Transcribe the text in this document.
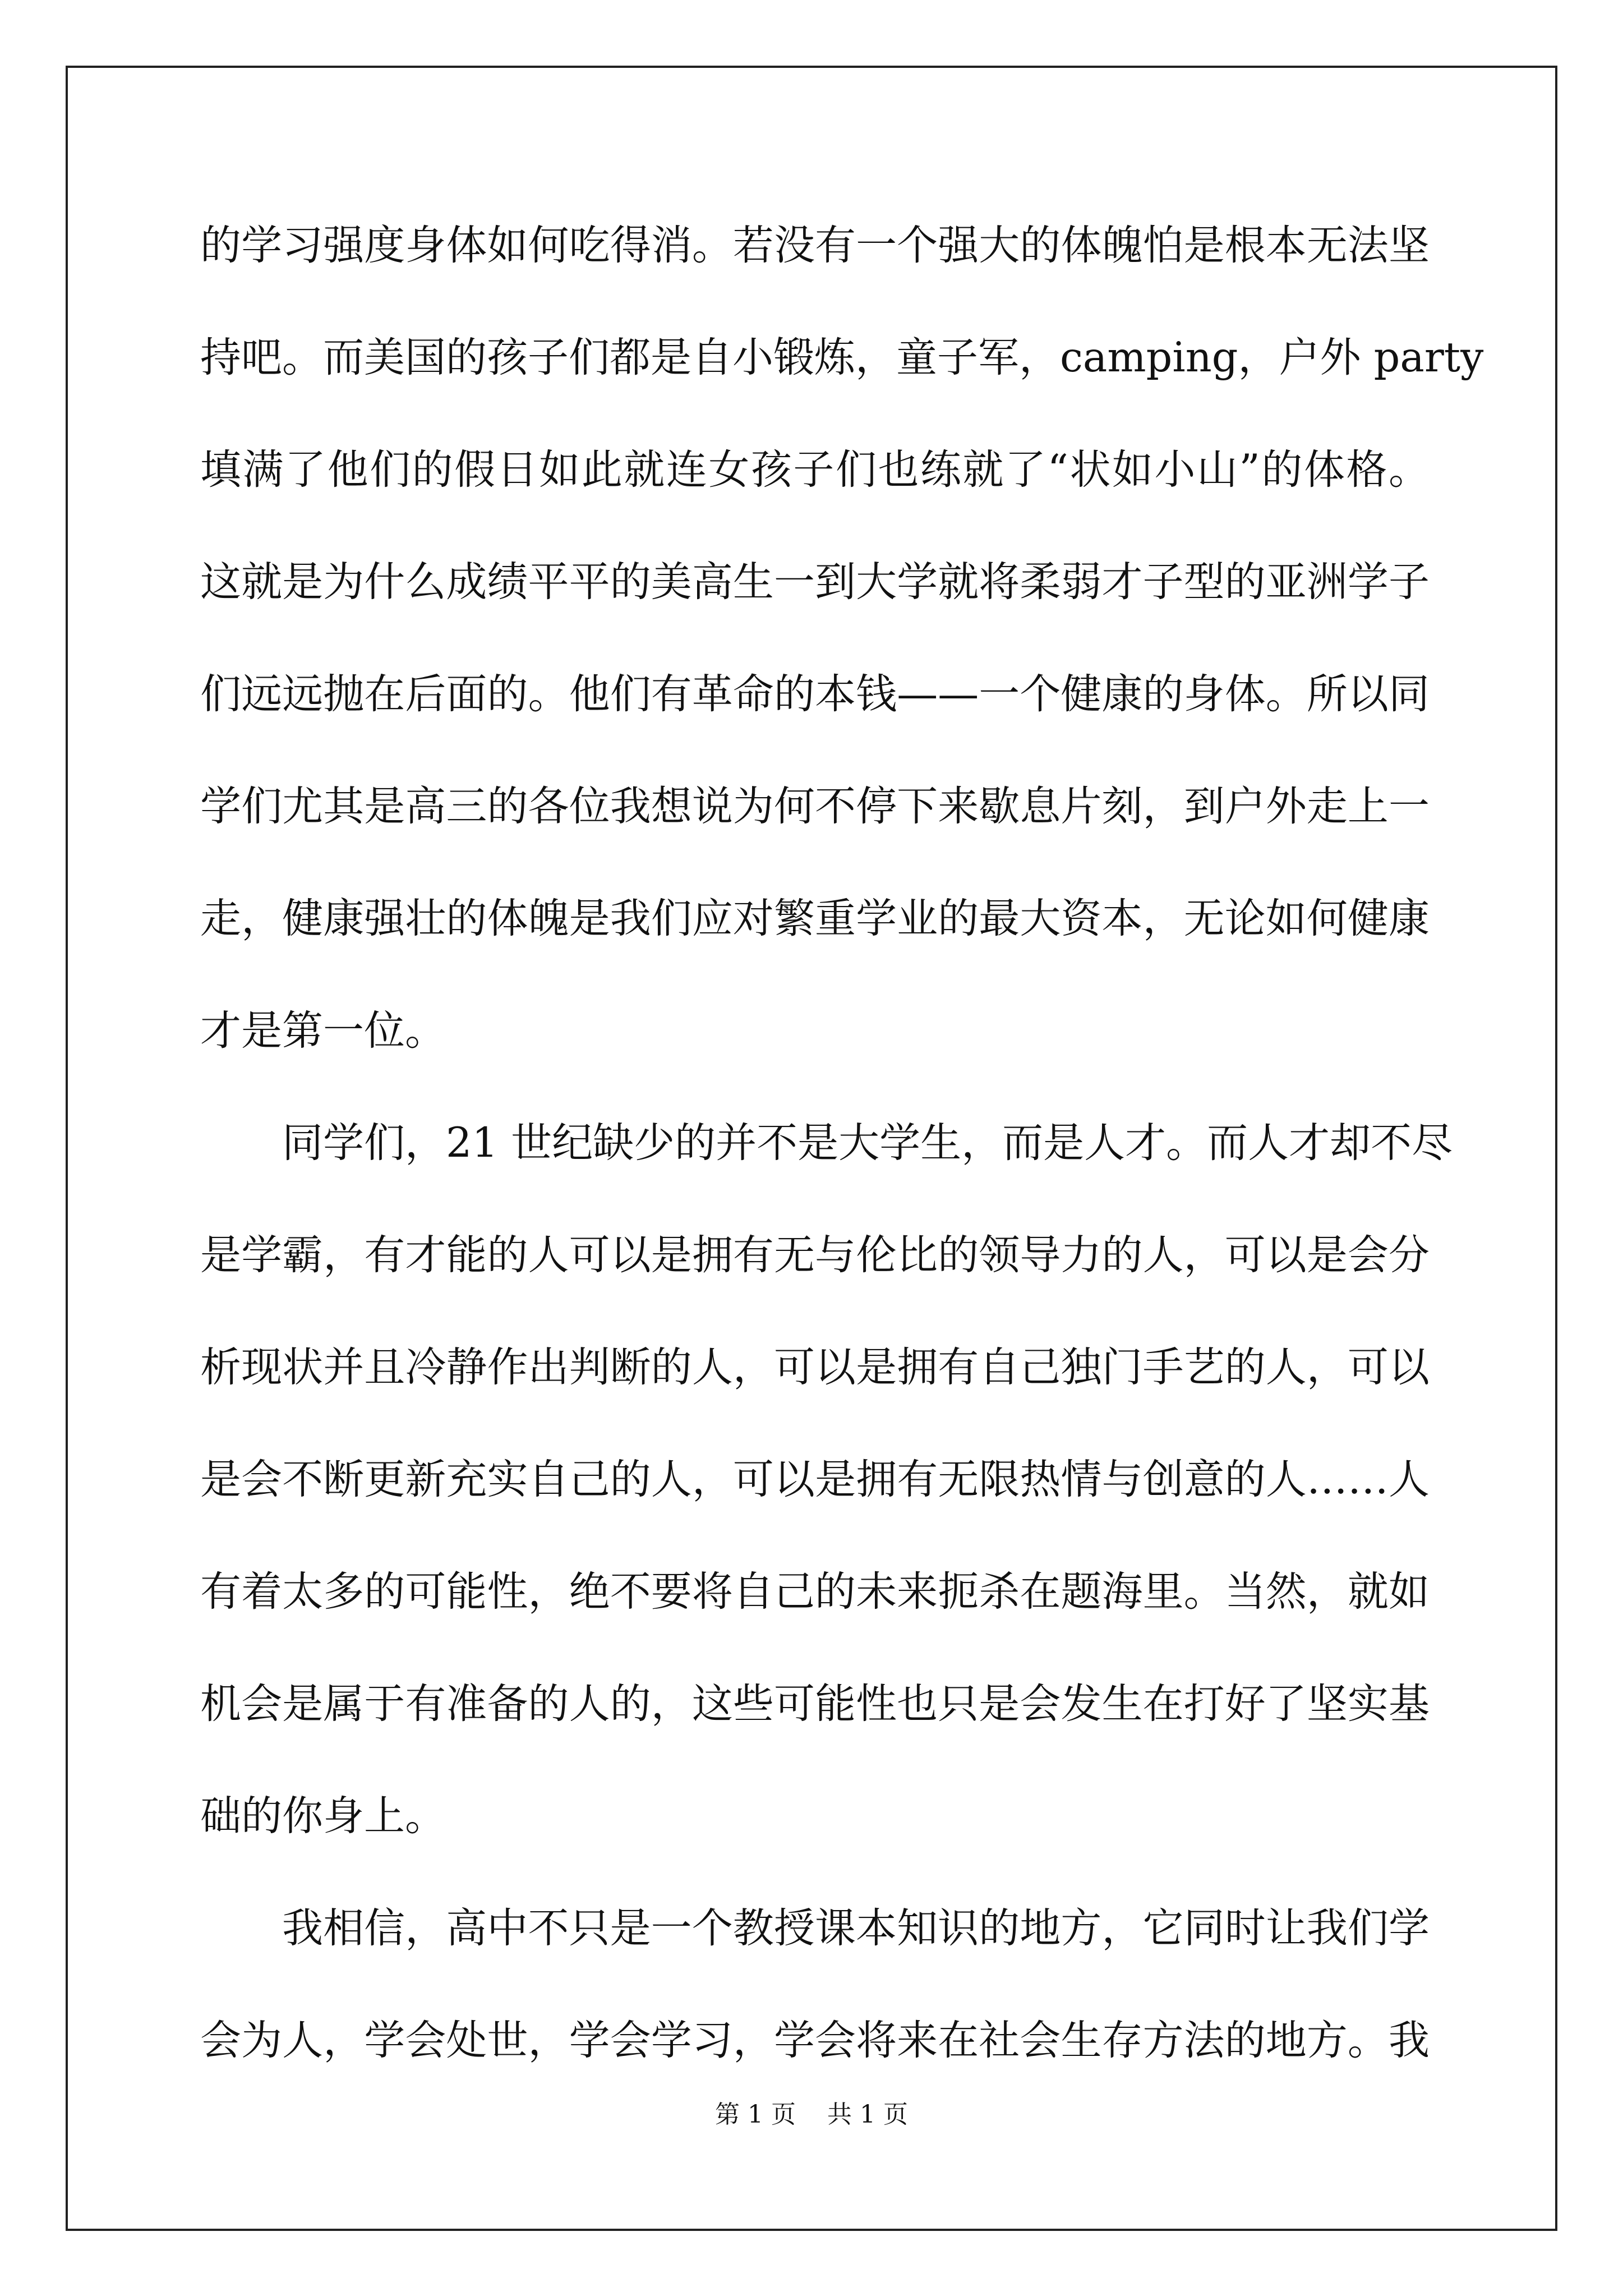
的学习强度身体如何吃得消。若没有一个强大的体魄怕是根本无法坚
持吧。而美国的孩子们都是自小锻炼，童子军，camping，户外 party
填满了他们的假日如此就连女孩子们也练就了“状如小山”的体格。
这就是为什么成绩平平的美高生一到大学就将柔弱才子型的亚洲学子
们远远抛在后面的。他们有革命的本钱——一个健康的身体。所以同
学们尤其是高三的各位我想说为何不停下来歇息片刻，到户外走上一
走，健康强壮的体魄是我们应对繁重学业的最大资本，无论如何健康
才是第一位。
同学们，21 世纪缺少的并不是大学生，而是人才。而人才却不尽
是学霸，有才能的人可以是拥有无与伦比的领导力的人，可以是会分
析现状并且冷静作出判断的人，可以是拥有自己独门手艺的人，可以
是会不断更新充实自己的人，可以是拥有无限热情与创意的人……人
有着太多的可能性，绝不要将自己的未来扼杀在题海里。当然，就如
机会是属于有准备的人的，这些可能性也只是会发生在打好了坚实基
础的你身上。
我相信，高中不只是一个教授课本知识的地方，它同时让我们学
会为人，学会处世，学会学习，学会将来在社会生存方法的地方。我
第 1 页 共 1 页
